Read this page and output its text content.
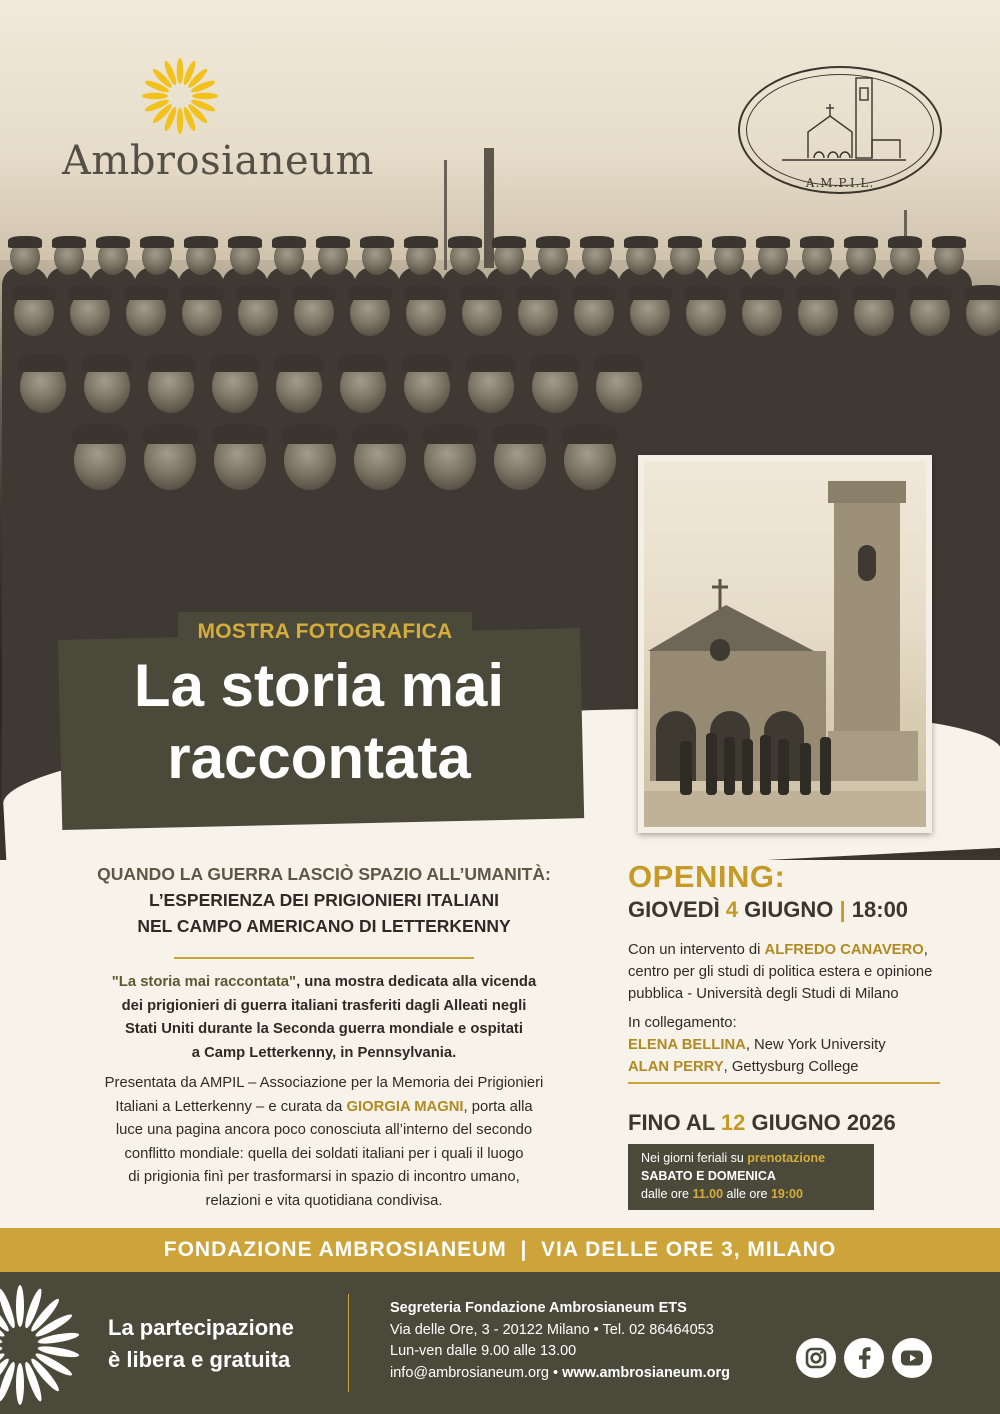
Ambrosianeum	A.M.P.I.L.
MOSTRA FOTOGRAFICA
La storia mai
raccontata
QUANDO LA GUERRA LASCIÒ SPAZIO ALL’UMANITÀ:
L’ESPERIENZA DEI PRIGIONIERI ITALIANI
NEL CAMPO AMERICANO DI LETTERKENNY
"La storia mai raccontata", una mostra dedicata alla vicenda
dei prigionieri di guerra italiani trasferiti dagli Alleati negli
Stati Uniti durante la Seconda guerra mondiale e ospitati
a Camp Letterkenny, in Pennsylvania.
Presentata da AMPIL – Associazione per la Memoria dei Prigionieri
Italiani a Letterkenny – e curata da GIORGIA MAGNI, porta alla
luce una pagina ancora poco conosciuta all’interno del secondo
conflitto mondiale: quella dei soldati italiani per i quali il luogo
di prigionia finì per trasformarsi in spazio di incontro umano,
relazioni e vita quotidiana condivisa.
OPENING:
GIOVEDÌ 4 GIUGNO | 18:00
Con un intervento di ALFREDO CANAVERO,
centro per gli studi di politica estera e opinione
pubblica - Università degli Studi di Milano
In collegamento:
ELENA BELLINA, New York University
ALAN PERRY, Gettysburg College
FINO AL 12 GIUGNO 2026
Nei giorni feriali su prenotazione
SABATO E DOMENICA
dalle ore 11.00 alle ore 19:00
FONDAZIONE AMBROSIANEUM  |  VIA DELLE ORE 3, MILANO
La partecipazione
è libera e gratuita
Segreteria Fondazione Ambrosianeum ETS
Via delle Ore, 3 - 20122 Milano • Tel. 02 86464053
Lun-ven dalle 9.00 alle 13.00
info@ambrosianeum.org • www.ambrosianeum.org
